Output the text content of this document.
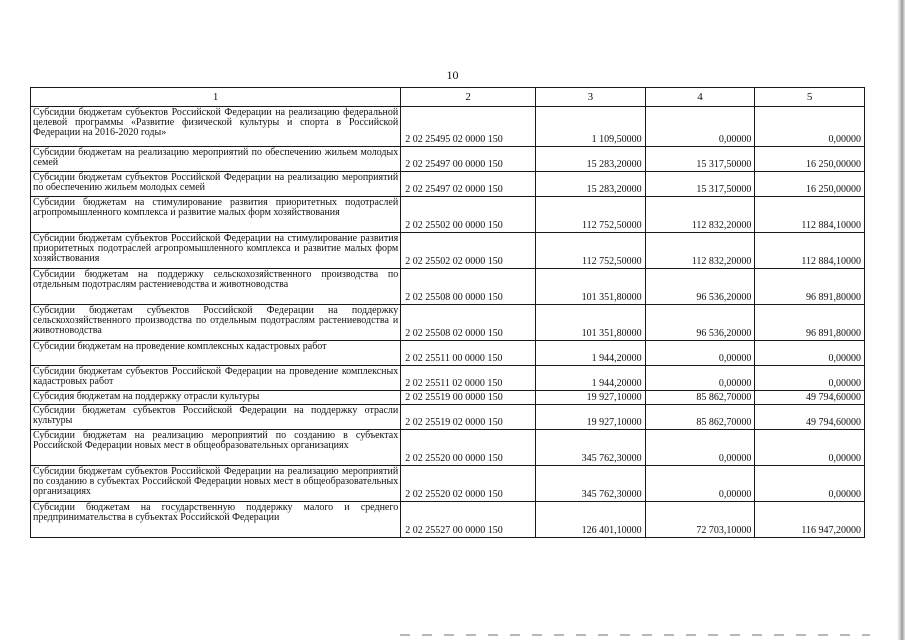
10
1	2	3	4	5
Субсидии бюджетам субъектов Российской Федерации на реализацию федеральной целевой программы «Развитие физической культуры и спорта в Российской Федерации на 2016-2020 годы»	2 02 25495 02 0000 150	1 109,50000	0,00000	0,00000
Субсидии бюджетам на реализацию мероприятий по обеспечению жильем молодых семей	2 02 25497 00 0000 150	15 283,20000	15 317,50000	16 250,00000
Субсидии бюджетам субъектов Российской Федерации на реализацию мероприятий по обеспечению жильем молодых семей	2 02 25497 02 0000 150	15 283,20000	15 317,50000	16 250,00000
Субсидии бюджетам на стимулирование развития приоритетных подотраслей агропромышленного комплекса и развитие малых форм хозяйствования	2 02 25502 00 0000 150	112 752,50000	112 832,20000	112 884,10000
Субсидии бюджетам субъектов Российской Федерации на стимулирование развития приоритетных подотраслей агропромышленного комплекса и развитие малых форм хозяйствования	2 02 25502 02 0000 150	112 752,50000	112 832,20000	112 884,10000
Субсидии бюджетам на поддержку сельскохозяйственного производства по отдельным подотраслям растениеводства и животноводства	2 02 25508 00 0000 150	101 351,80000	96 536,20000	96 891,80000
Субсидии бюджетам субъектов Российской Федерации на поддержку сельскохозяйственного производства по отдельным подотраслям растениеводства и животноводства	2 02 25508 02 0000 150	101 351,80000	96 536,20000	96 891,80000
Субсидии бюджетам на проведение комплексных кадастровых работ	2 02 25511 00 0000 150	1 944,20000	0,00000	0,00000
Субсидии бюджетам субъектов Российской Федерации на проведение комплексных кадастровых работ	2 02 25511 02 0000 150	1 944,20000	0,00000	0,00000
Субсидия бюджетам на поддержку отрасли культуры	2 02 25519 00 0000 150	19 927,10000	85 862,70000	49 794,60000
Субсидии бюджетам субъектов Российской Федерации на поддержку отрасли культуры	2 02 25519 02 0000 150	19 927,10000	85 862,70000	49 794,60000
Субсидии бюджетам на реализацию мероприятий по созданию в субъектах Российской Федерации новых мест в общеобразовательных организациях	2 02 25520 00 0000 150	345 762,30000	0,00000	0,00000
Субсидии бюджетам субъектов Российской Федерации на реализацию мероприятий по созданию в субъектах Российской Федерации новых мест в общеобразовательных организациях	2 02 25520 02 0000 150	345 762,30000	0,00000	0,00000
Субсидии бюджетам на государственную поддержку малого и среднего предпринимательства в субъектах Российской Федерации	2 02 25527 00 0000 150	126 401,10000	72 703,10000	116 947,20000
